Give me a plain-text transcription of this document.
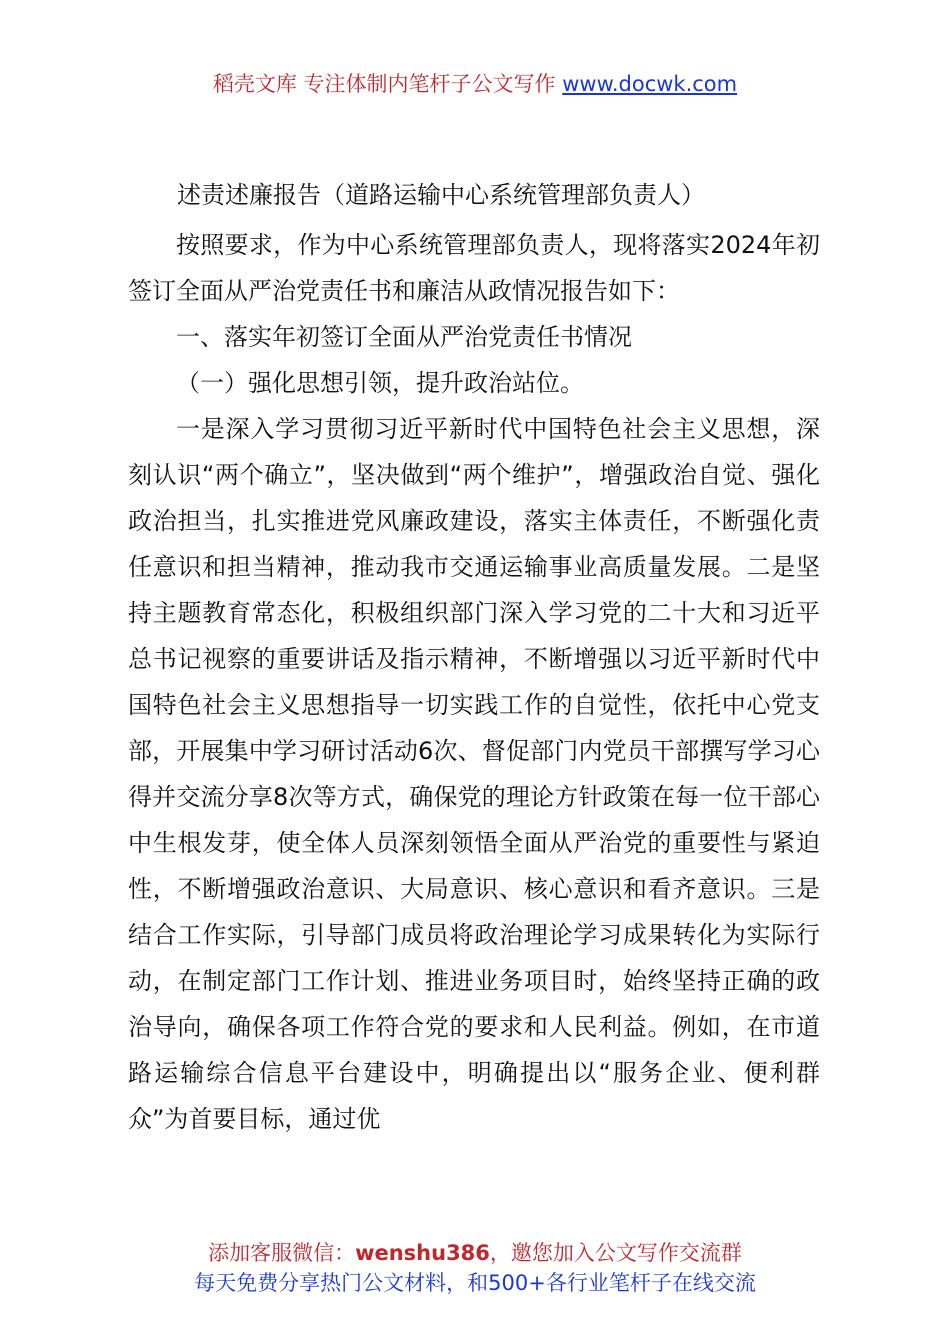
稻壳文库 专注体制内笔杆子公文写作 www.docwk.com
述责述廉报告（道路运输中心系统管理部负责人）

按照要求，作为中心系统管理部负责人，现将落实2024年初签订全面从严治党责任书和廉洁从政情况报告如下：

一、落实年初签订全面从严治党责任书情况

（一）强化思想引领，提升政治站位。

一是深入学习贯彻习近平新时代中国特色社会主义思想，深刻认识“两个确立”，坚决做到“两个维护”，增强政治自觉、强化政治担当，扎实推进党风廉政建设，落实主体责任，不断强化责任意识和担当精神，推动我市交通运输事业高质量发展。二是坚持主题教育常态化，积极组织部门深入学习党的二十大和习近平总书记视察的重要讲话及指示精神，不断增强以习近平新时代中国特色社会主义思想指导一切实践工作的自觉性，依托中心党支部，开展集中学习研讨活动6次、督促部门内党员干部撰写学习心得并交流分享8次等方式，确保党的理论方针政策在每一位干部心中生根发芽，使全体人员深刻领悟全面从严治党的重要性与紧迫性，不断增强政治意识、大局意识、核心意识和看齐意识。三是结合工作实际，引导部门成员将政治理论学习成果转化为实际行动，在制定部门工作计划、推进业务项目时，始终坚持正确的政治导向，确保各项工作符合党的要求和人民利益。例如，在市道路运输综合信息平台建设中，明确提出以“服务企业、便利群众”为首要目标，通过优

添加客服微信：wenshu386，邀您加入公文写作交流群
每天免费分享热门公文材料，和500+各行业笔杆子在线交流
